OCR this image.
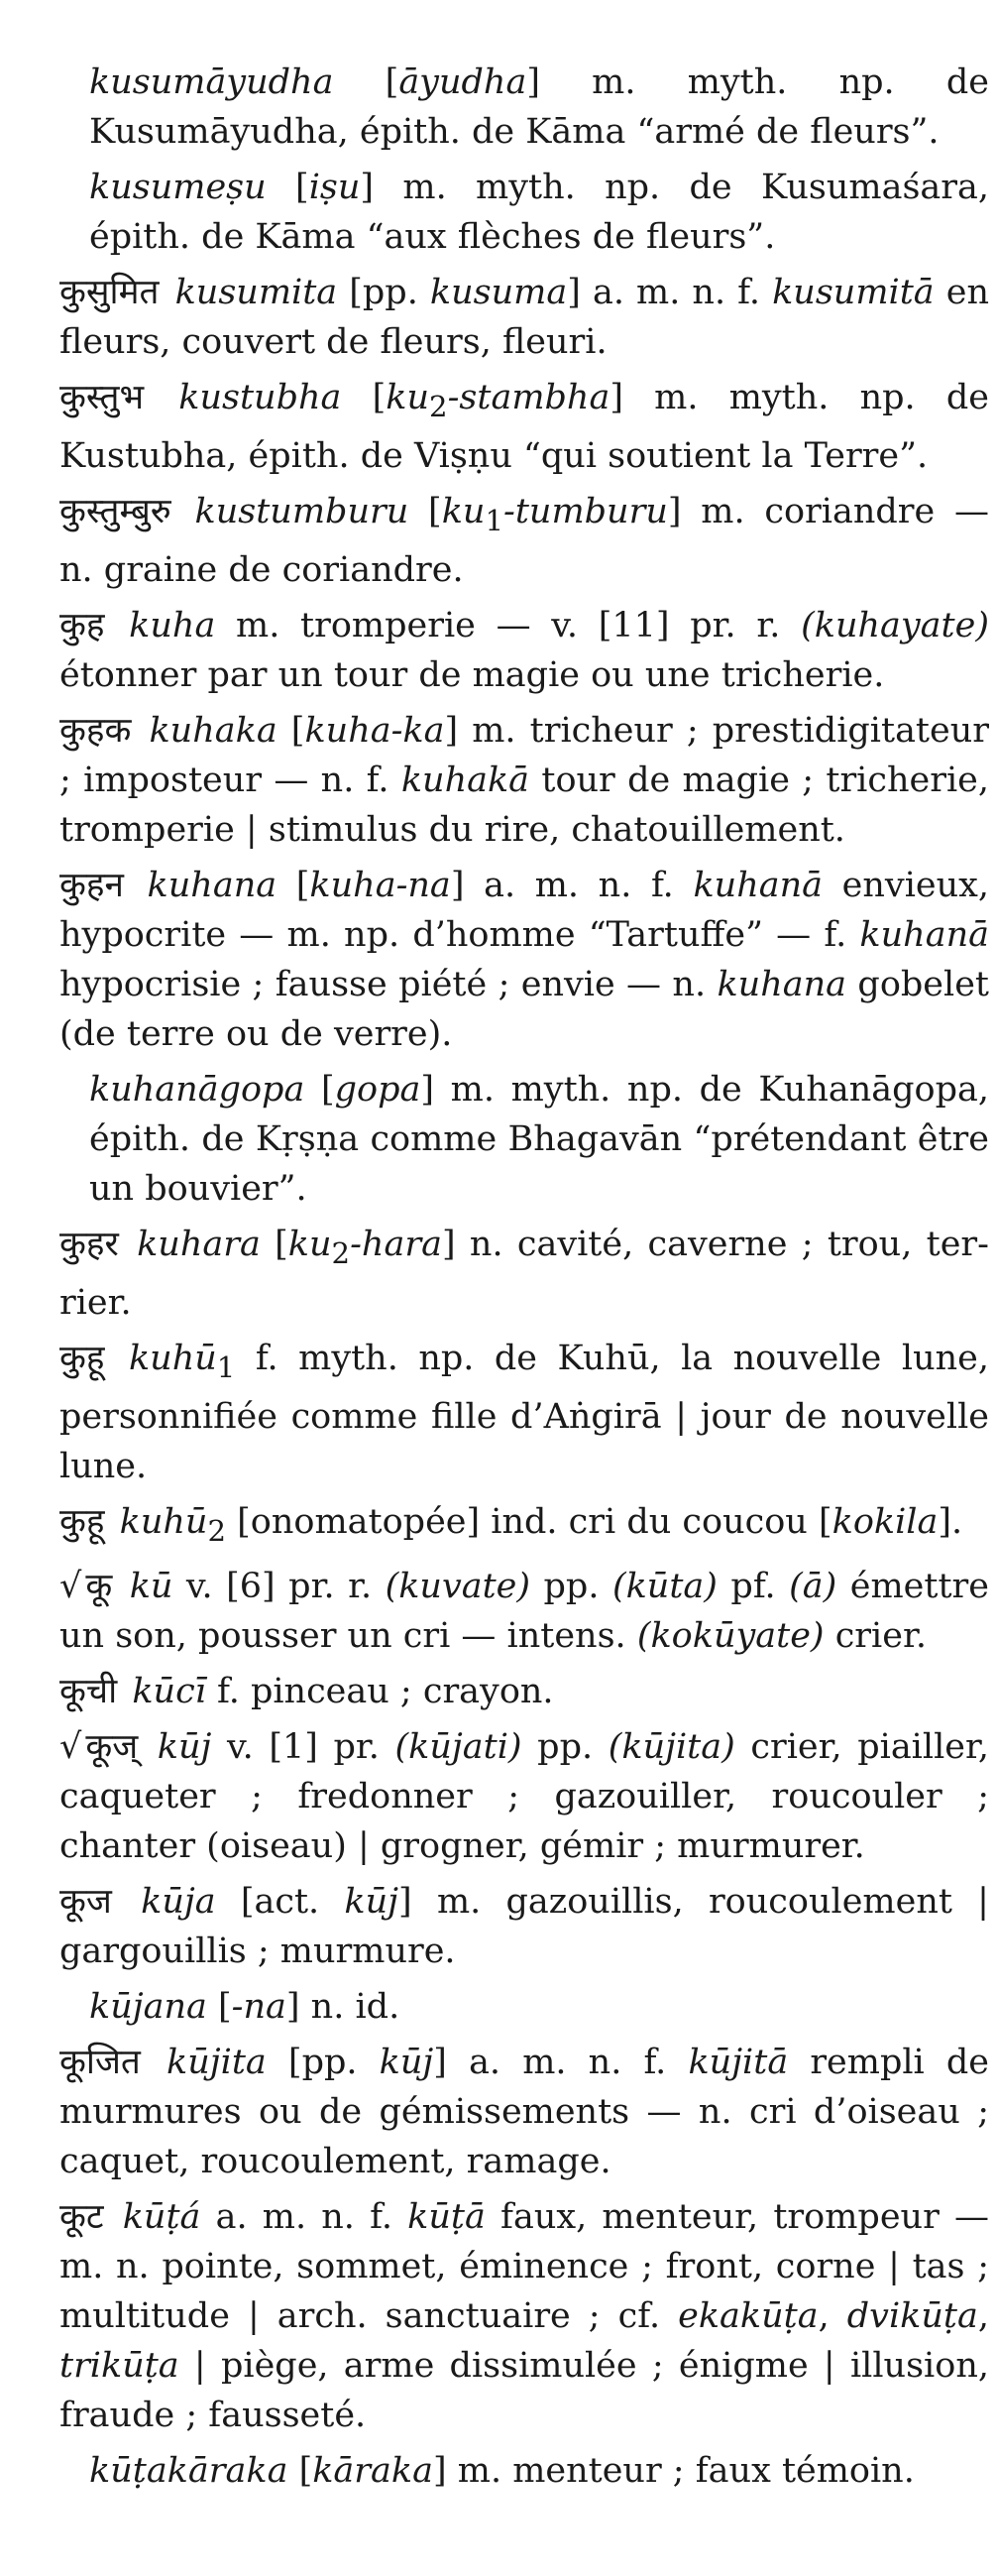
kusumāyudha [āyudha] m. myth. np. de Kusumāyudha, épith. de Kāma “armé de fleurs”.

kusumeṣu [iṣu] m. myth. np. de Kusumaśara, épith. de Kāma “aux flèches de fleurs”.

कुसुमित kusumita [pp. kusuma] a. m. n. f. kusumitā en fleurs, couvert de fleurs, fleuri.

कुस्तुभ kustubha $[ku_2-stambha]$ m. myth. np. de Kustubha, épith. de Viṣṇu “qui soutient la Terre”.

कुस्तुम्बुरु kustumburu $[ku_1-tumburu]$ m. coriandre — n. graine de coriandre.

कुह kuha m. tromperie — v. [11] pr. r. (kuhayate) étonner par un tour de magie ou une tricherie.

कुहक kuhaka [kuha-ka] m. tricheur ; prestidigitateur ; imposteur — n. f. kuhakā tour de magie ; tricherie, tromperie | stimulus du rire, chatouillement.

कुहन kuhana [kuha-na] a. m. n. f. kuhanā envieux, hypocrite — m. np. d’homme “Tartuffe” — f. kuhanā hypocrisie ; fausse piété ; envie — n. kuhana gobelet (de terre ou de verre).

kuhanāgopa [gopa] m. myth. np. de Kuhanāgopa, épith. de Kṛṣṇa comme Bhagavān “prétendant être un bouvier”.

कुहर kuhara $[ku_2-hara]$ n. cavité, caverne ; trou, terrier.

कुहू kuhū$_1$ f. myth. np. de Kuhū, la nouvelle lune, personnifiée comme fille d’Aṅgirā | jour de nouvelle lune.

कुहू kuhū$_2$ [onomatopée] ind. cri du coucou [kokila].

√ कू kū v. [6] pr. r. (kuvate) pp. (kūta) pf. (ā) émettre un son, pousser un cri — intens. (kokūyate) crier.

कूची kūcī f. pinceau ; crayon.

√ कूज् kūj v. [1] pr. (kūjati) pp. (kūjita) crier, piailler, caqueter ; fredonner ; gazouiller, roucouler ; chanter (oiseau) | grogner, gémir ; murmurer.

कूज kūja [act. kūj] m. gazouillis, roucoulement | gargouillis ; murmure.

kūjana [-na] n. id.

कूजित kūjita [pp. kūj] a. m. n. f. kūjitā rempli de murmures ou de gémissements — n. cri d’oiseau ; caquet, roucoulement, ramage.

कूट kūṭá a. m. n. f. kūṭā faux, menteur, trompeur — m. n. pointe, sommet, éminence ; front, corne | tas ; multitude | arch. sanctuaire ; cf. ekakūṭa, dvikūṭa, trikūṭa | piège, arme dissimulée ; énigme | illusion, fraude ; fausseté.

kūṭakāraka [kāraka] m. menteur ; faux témoin.
